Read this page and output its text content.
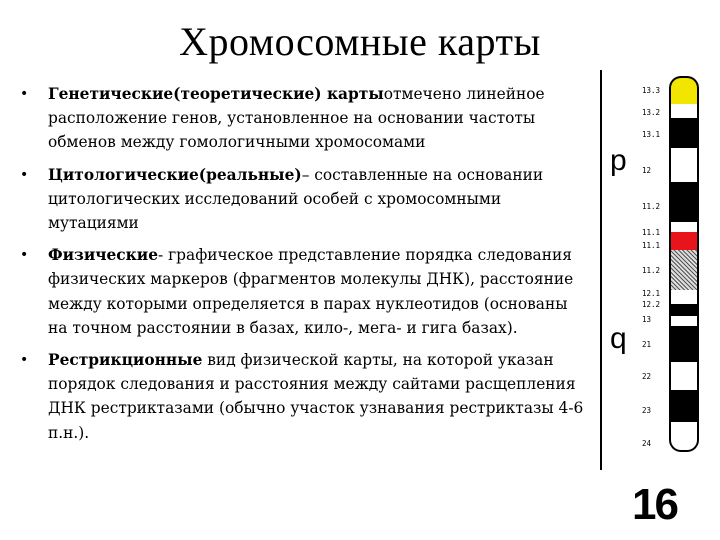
Хромосомные карты
• Генетические(теоретические) картыотмечено линейное расположение генов, установленное на основании частоты обменов между гомологичными хромосомами
• Цитологические(реальные)– составленные на основании цитологических исследований особей с хромосомными мутациями
• Физические- графическое представление порядка следования физических маркеров (фрагментов молекулы ДНК), расстояние между которыми определяется в парах нуклеотидов (основаны на точном расстоянии в базах, кило-, мега- и гига базах).
• Рестрикционные вид физической карты, на которой указан порядок следования и расстояния между сайтами расщепления ДНК рестриктазами (обычно участок узнавания рестриктазы 4-6 п.н.).
13.3
13.2
13.1
12
11.2
11.1
11.1
11.2
12.1
12.2
13
21
22
23
24
p
q
16
